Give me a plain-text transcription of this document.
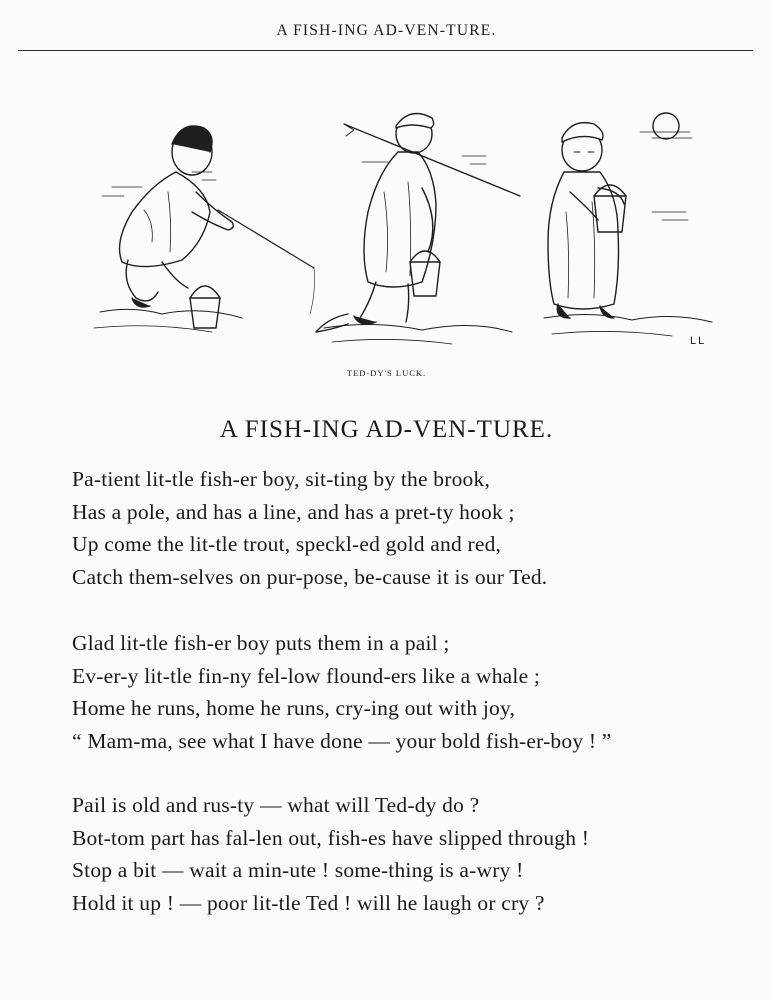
A FISH-ING AD-VEN-TURE.
LL
TED-DY'S LUCK.
A FISH-ING AD-VEN-TURE.
Pa-tient lit-tle fish-er boy, sit-ting by the brook,
Has a pole, and has a line, and has a pret-ty hook ;
Up come the lit-tle trout, speckl-ed gold and red,
Catch them-selves on pur-pose, be-cause it is our Ted.
Glad lit-tle fish-er boy puts them in a pail ;
Ev-er-y lit-tle fin-ny fel-low flound-ers like a whale ;
Home he runs, home he runs, cry-ing out with joy,
“ Mam-ma, see what I have done — your bold fish-er-boy ! ”
Pail is old and rus-ty — what will Ted-dy do ?
Bot-tom part has fal-len out, fish-es have slipped through !
Stop a bit — wait a min-ute ! some-thing is a-wry !
Hold it up ! — poor lit-tle Ted ! will he laugh or cry ?
